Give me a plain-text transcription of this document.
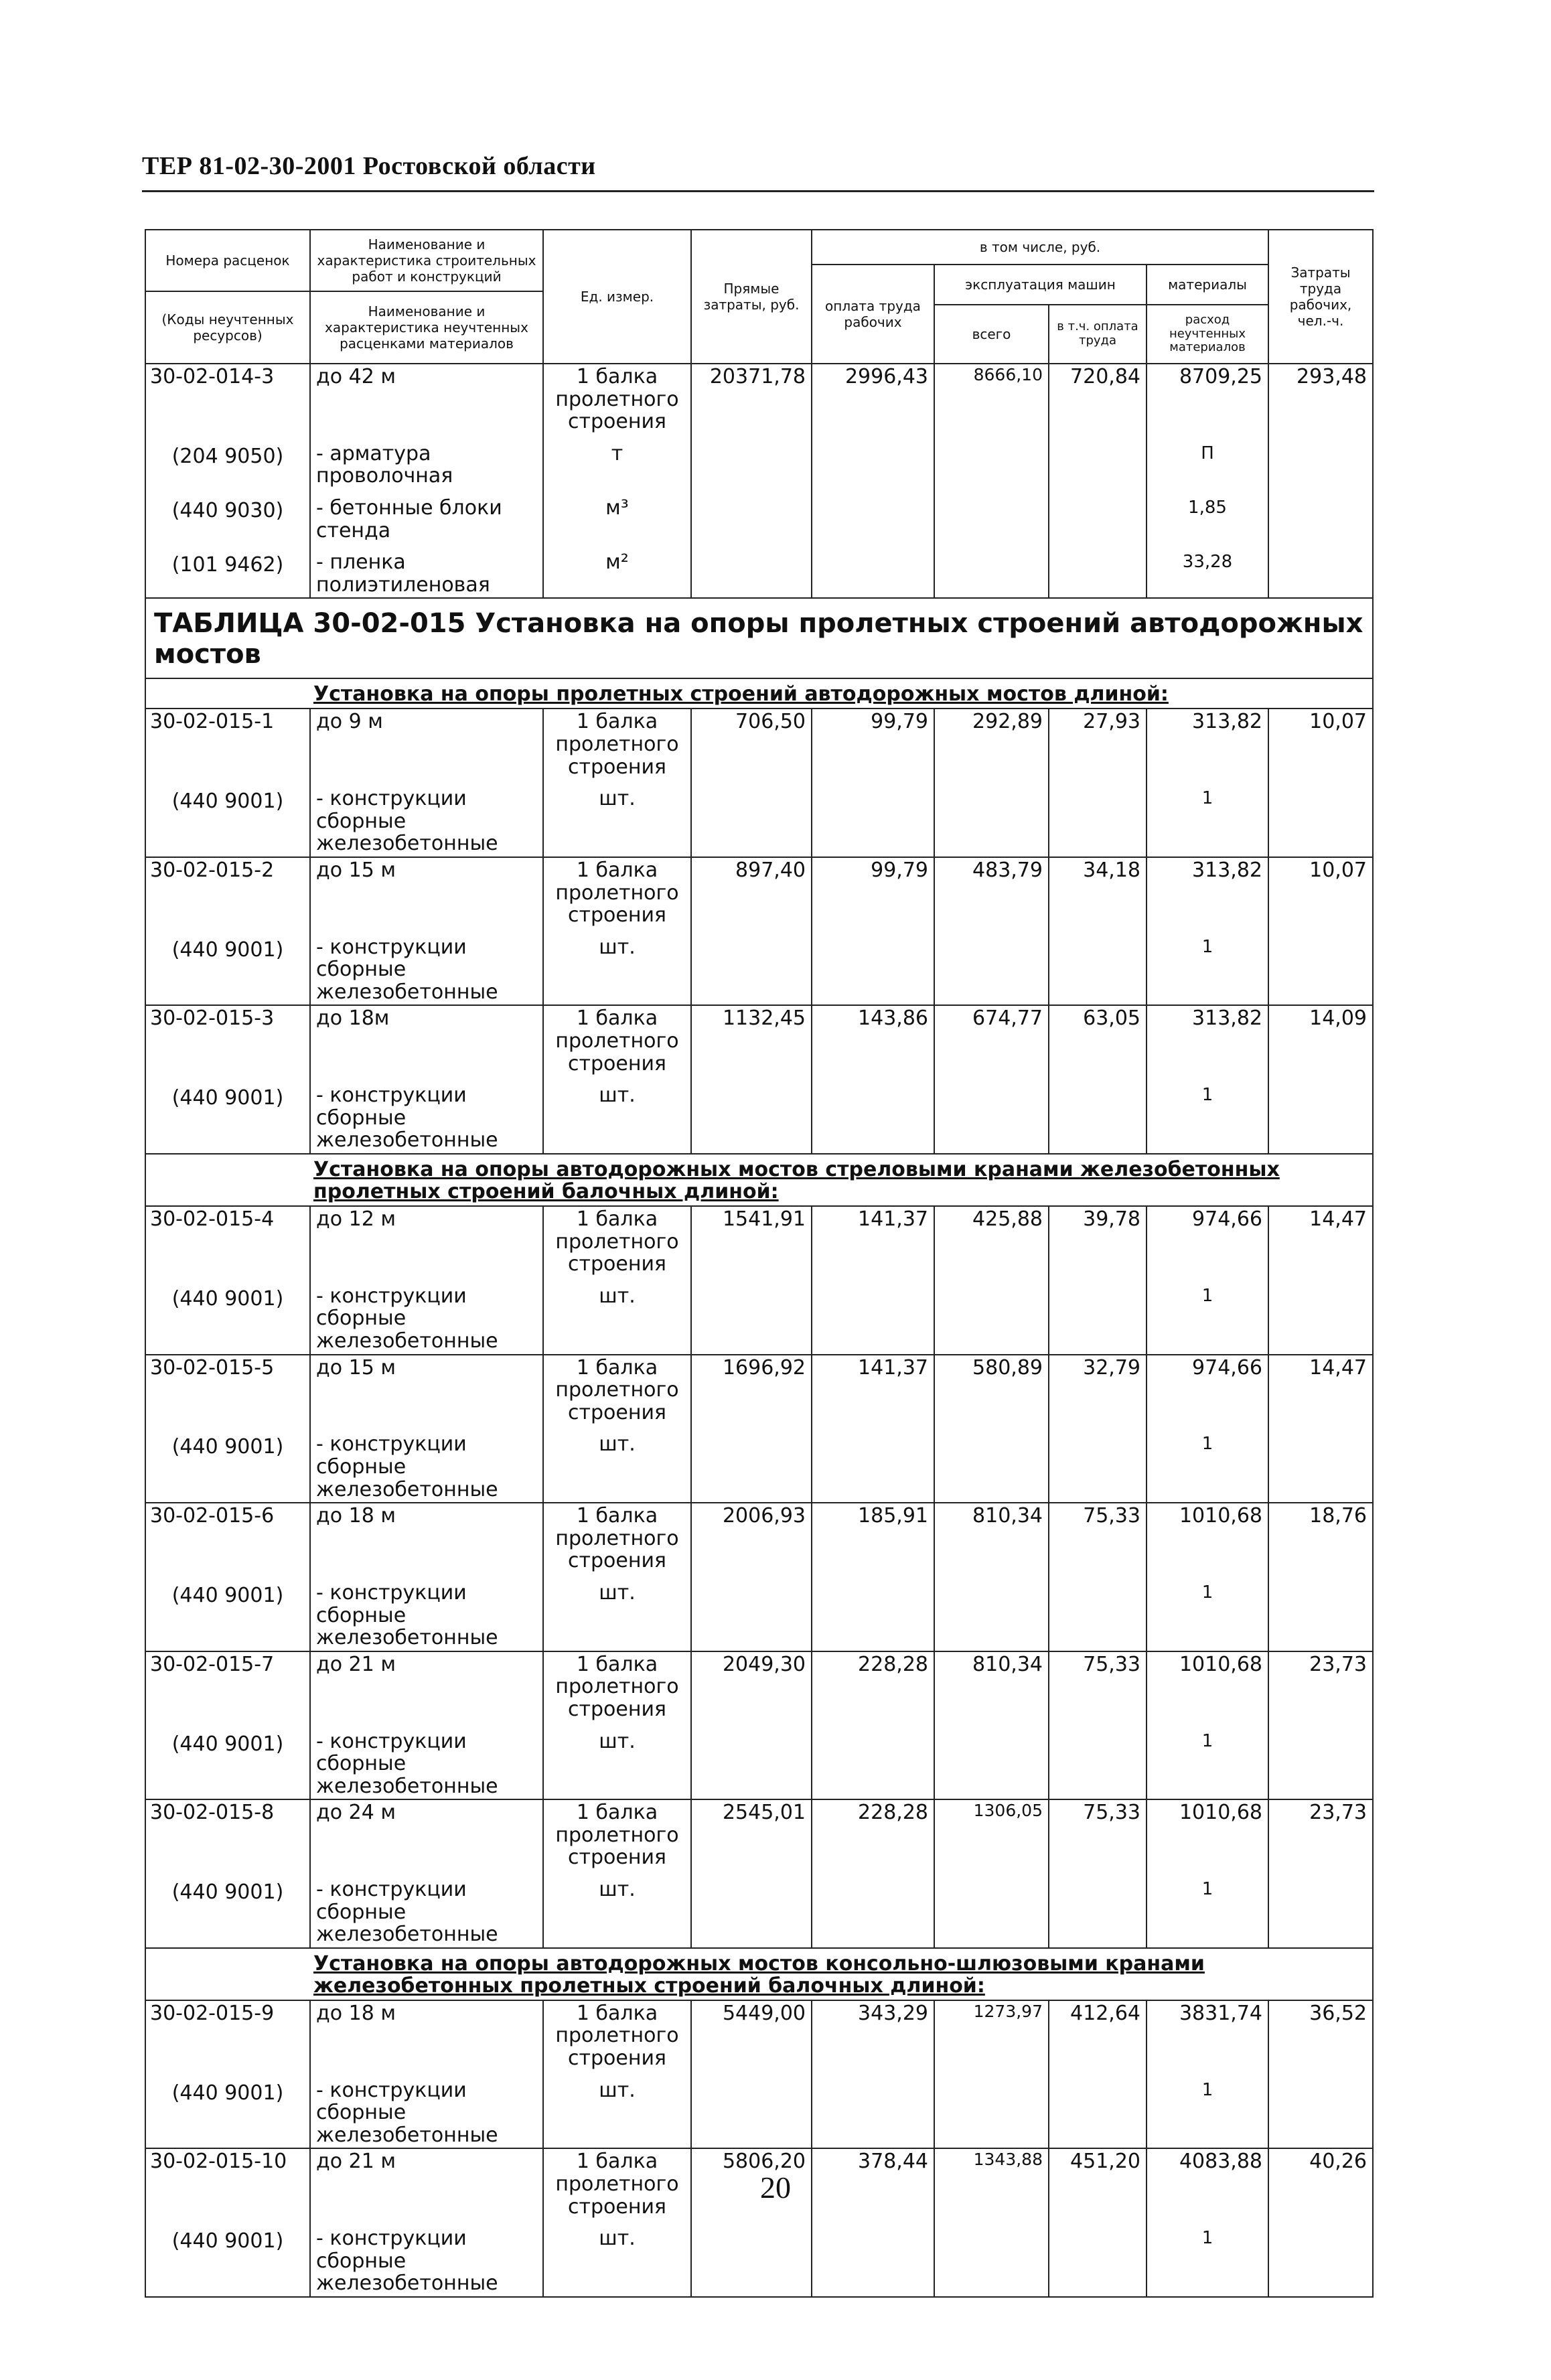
ТЕР 81-02-30-2001 Ростовской области
Номера расценок	Наименование и характеристика строительных работ и конструкций	Ед. измер.	Прямые затраты, руб.	в том числе, руб.				Затраты труда рабочих, чел.-ч.
				оплата труда рабочих	эксплуатация машин		материалы	
(Коды неучтенных ресурсов)	Наименование и характеристика неучтенных расценками материалов							
					всего	в т.ч. оплата труда	расход неучтенных материалов	
30-02-014-3	до 42 м	1 балка пролетного строения	20371,78	2996,43	8666,10	720,84	8709,25	293,48
(204 9050)	- арматура проволочная	т					П	
(440 9030)	- бетонные блоки стенда	м³					1,85	
(101 9462)	- пленка полиэтиленовая	м²					33,28	
ТАБЛИЦА 30-02-015 Установка на опоры пролетных строений автодорожных мостов								
Установка на опоры пролетных строений автодорожных мостов длиной:								
30-02-015-1	до 9 м	1 балка пролетного строения	706,50	99,79	292,89	27,93	313,82	10,07
(440 9001)	- конструкции сборные железобетонные	шт.					1	
30-02-015-2	до 15 м	1 балка пролетного строения	897,40	99,79	483,79	34,18	313,82	10,07
(440 9001)	- конструкции сборные железобетонные	шт.					1	
30-02-015-3	до 18м	1 балка пролетного строения	1132,45	143,86	674,77	63,05	313,82	14,09
(440 9001)	- конструкции сборные железобетонные	шт.					1	
Установка на опоры автодорожных мостов стреловыми кранами железобетонных пролетных строений балочных длиной:								
30-02-015-4	до 12 м	1 балка пролетного строения	1541,91	141,37	425,88	39,78	974,66	14,47
(440 9001)	- конструкции сборные железобетонные	шт.					1	
30-02-015-5	до 15 м	1 балка пролетного строения	1696,92	141,37	580,89	32,79	974,66	14,47
(440 9001)	- конструкции сборные железобетонные	шт.					1	
30-02-015-6	до 18 м	1 балка пролетного строения	2006,93	185,91	810,34	75,33	1010,68	18,76
(440 9001)	- конструкции сборные железобетонные	шт.					1	
30-02-015-7	до 21 м	1 балка пролетного строения	2049,30	228,28	810,34	75,33	1010,68	23,73
(440 9001)	- конструкции сборные железобетонные	шт.					1	
30-02-015-8	до 24 м	1 балка пролетного строения	2545,01	228,28	1306,05	75,33	1010,68	23,73
(440 9001)	- конструкции сборные железобетонные	шт.					1	
Установка на опоры автодорожных мостов консольно-шлюзовыми кранами железобетонных пролетных строений балочных длиной:								
30-02-015-9	до 18 м	1 балка пролетного строения	5449,00	343,29	1273,97	412,64	3831,74	36,52
(440 9001)	- конструкции сборные железобетонные	шт.					1	
30-02-015-10	до 21 м	1 балка пролетного строения	5806,20	378,44	1343,88	451,20	4083,88	40,26
(440 9001)	- конструкции сборные железобетонные	шт.					1	
20
